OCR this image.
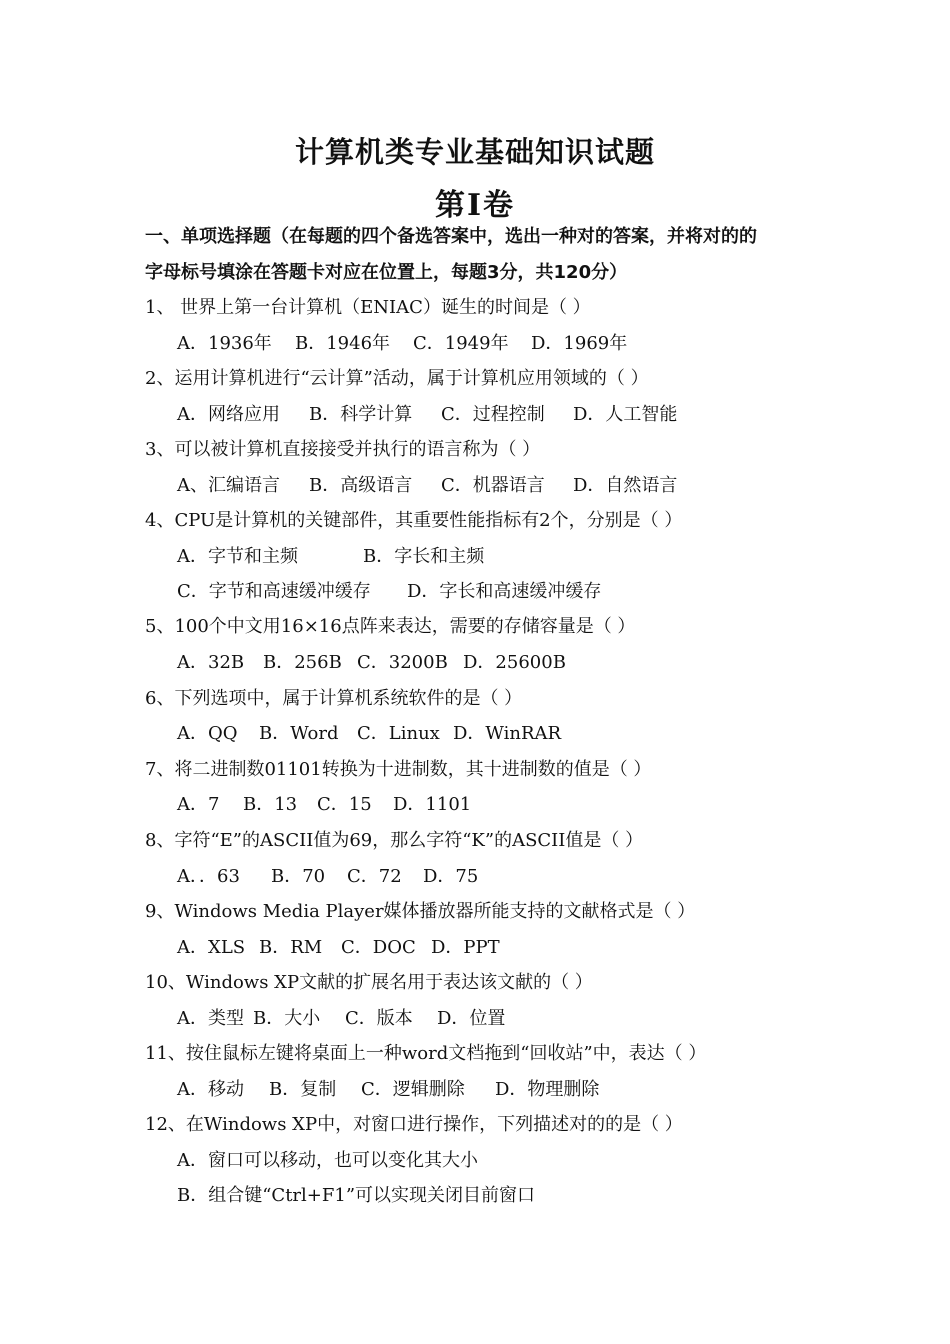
计算机类专业基础知识试题
第Ⅰ卷
一、单项选择题（在每题的四个备选答案中，选出一种对的答案，并将对的的
字母标号填涂在答题卡对应在位置上，每题3分，共120分）
1、 世界上第一台计算机（ENIAC）诞生的时间是（ ）
A．1936年 B．1946年 C．1949年 D．1969年
2、运用计算机进行“云计算”活动，属于计算机应用领域的（ ）
A．网络应用 B．科学计算 C．过程控制 D．人工智能
3、可以被计算机直接接受并执行的语言称为（ ）
A、汇编语言 B．高级语言 C．机器语言 D．自然语言
4、CPU是计算机的关键部件，其重要性能指标有2个，分别是（ ）
A．字节和主频	B．字长和主频
C．字节和高速缓冲缓存 D．字长和高速缓冲缓存
5、100个中文用16×16点阵来表达，需要的存储容量是（ ）
A．32B B．256B C．3200B D．25600B
6、下列选项中，属于计算机系统软件的是（ ）
A．QQ B．Word C．Linux D．WinRAR
7、将二进制数01101转换为十进制数，其十进制数的值是（ ）
A．7 B．13 C．15 D．1101
8、字符“E”的ASCII值为69，那么字符“K”的ASCII值是（ ）
A．．63 B．70 C．72 D．75
9、Windows Media Player媒体播放器所能支持的文献格式是（ ）
A．XLS B．RM C．DOC D．PPT
10、Windows XP文献的扩展名用于表达该文献的（ ）
A．类型 B．大小 C．版本 D．位置
11、按住鼠标左键将桌面上一种word文档拖到“回收站”中，表达（ ）
A．移动 B．复制 C．逻辑删除 D．物理删除
12、在Windows XP中，对窗口进行操作，下列描述对的的是（ ）
A．窗口可以移动，也可以变化其大小
B．组合键“Ctrl+F1”可以实现关闭目前窗口
